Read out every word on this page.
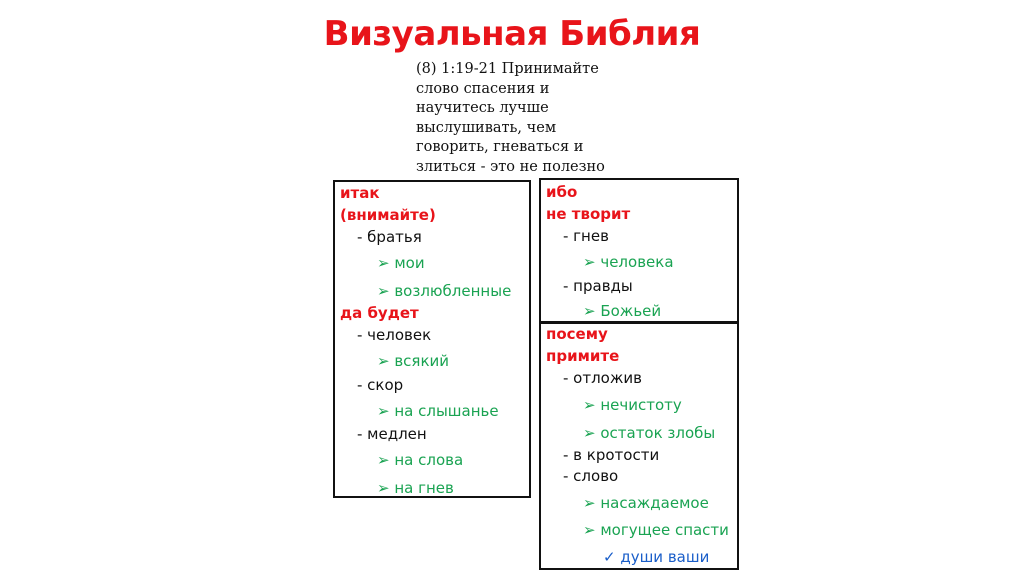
Визуальная Библия
(8) 1:19-21 Принимайте слово спасения и научитесь лучше выслушивать, чем говорить, гневаться и злиться - это не полезно
итак
(внимайте)
- братья
➢ мои
➢ возлюбленные
да будет
- человек
➢ всякий
- скор
➢ на слышанье
- медлен
➢ на слова
➢ на гнев
ибо
не творит
- гнев
➢ человека
- правды
➢ Божьей
посему
примите
- отложив
➢ нечистоту
➢ остаток злобы
- в кротости
- слово
➢ насаждаемое
➢ могущее спасти
✓ души ваши
